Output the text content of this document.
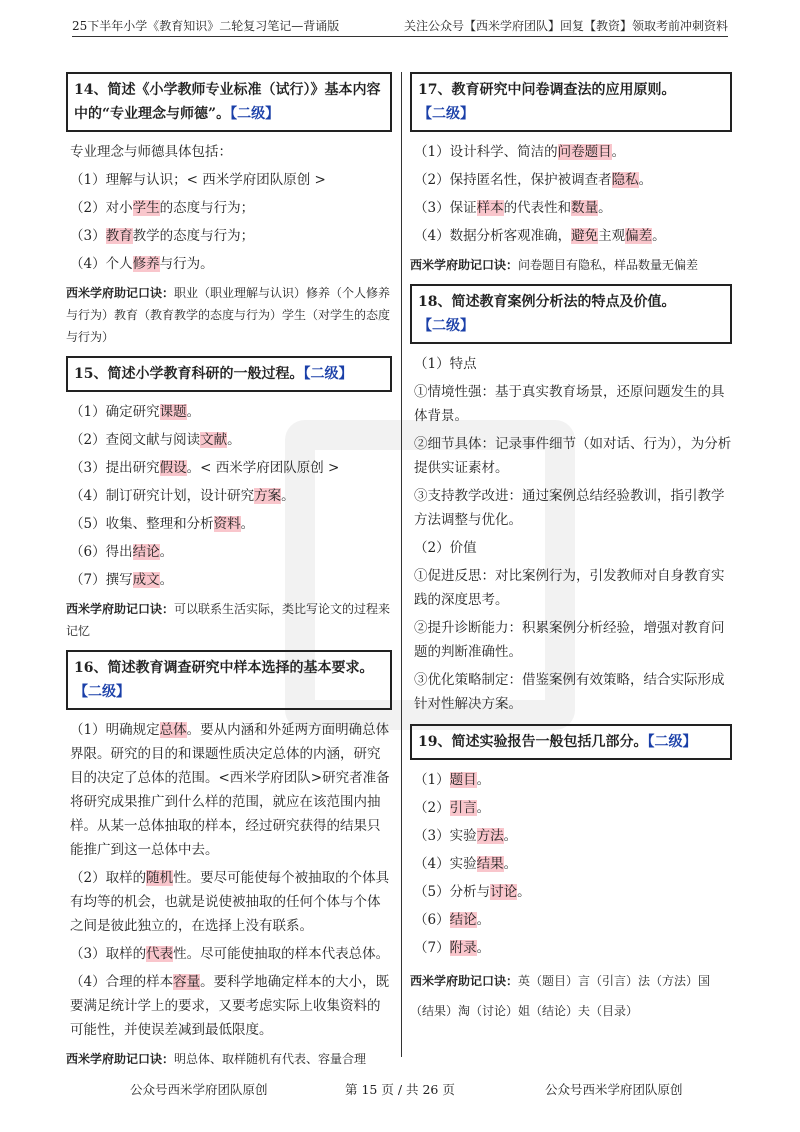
25下半年小学《教育知识》二轮复习笔记—背诵版	关注公众号【西米学府团队】回复【教资】领取考前冲刺资料
14、简述《小学教师专业标准（试行）》基本内容中的“专业理念与师德”。【二级】
专业理念与师德具体包括：
（1）理解与认识；< 西米学府团队原创 >
（2）对小学生的态度与行为；
（3）教育教学的态度与行为；
（4）个人修养与行为。
西米学府助记口诀：职业（职业理解与认识）修养（个人修养与行为）教育（教育教学的态度与行为）学生（对学生的态度与行为）
15、简述小学教育科研的一般过程。【二级】
（1）确定研究课题。
（2）查阅文献与阅读文献。
（3）提出研究假设。< 西米学府团队原创 >
（4）制订研究计划，设计研究方案。
（5）收集、整理和分析资料。
（6）得出结论。
（7）撰写成文。
西米学府助记口诀：可以联系生活实际，类比写论文的过程来记忆
16、简述教育调查研究中样本选择的基本要求。【二级】
（1）明确规定总体。要从内涵和外延两方面明确总体界限。研究的目的和课题性质决定总体的内涵，研究目的决定了总体的范围。<西米学府团队>研究者准备将研究成果推广到什么样的范围，就应在该范围内抽样。从某一总体抽取的样本，经过研究获得的结果只能推广到这一总体中去。
（2）取样的随机性。要尽可能使每个被抽取的个体具有均等的机会，也就是说使被抽取的任何个体与个体之间是彼此独立的，在选择上没有联系。
（3）取样的代表性。尽可能使抽取的样本代表总体。
（4）合理的样本容量。要科学地确定样本的大小，既要满足统计学上的要求，又要考虑实际上收集资料的可能性，并使误差减到最低限度。
西米学府助记口诀：明总体、取样随机有代表、容量合理
17、教育研究中问卷调查法的应用原则。【二级】
（1）设计科学、简洁的问卷题目。
（2）保持匿名性，保护被调查者隐私。
（3）保证样本的代表性和数量。
（4）数据分析客观准确，避免主观偏差。
西米学府助记口诀：问卷题目有隐私，样品数量无偏差
18、简述教育案例分析法的特点及价值。【二级】
（1）特点
①情境性强：基于真实教育场景，还原问题发生的具体背景。
②细节具体：记录事件细节（如对话、行为），为分析提供实证素材。
③支持教学改进：通过案例总结经验教训，指引教学方法调整与优化。
（2）价值
①促进反思：对比案例行为，引发教师对自身教育实践的深度思考。
②提升诊断能力：积累案例分析经验，增强对教育问题的判断准确性。
③优化策略制定：借鉴案例有效策略，结合实际形成针对性解决方案。
19、简述实验报告一般包括几部分。【二级】
（1）题目。
（2）引言。
（3）实验方法。
（4）实验结果。
（5）分析与讨论。
（6）结论。
（7）附录。
西米学府助记口诀：英（题目）言（引言）法（方法）国（结果）淘（讨论）姐（结论）夫（目录）
公众号西米学府团队原创	第 15 页 / 共 26 页	公众号西米学府团队原创
